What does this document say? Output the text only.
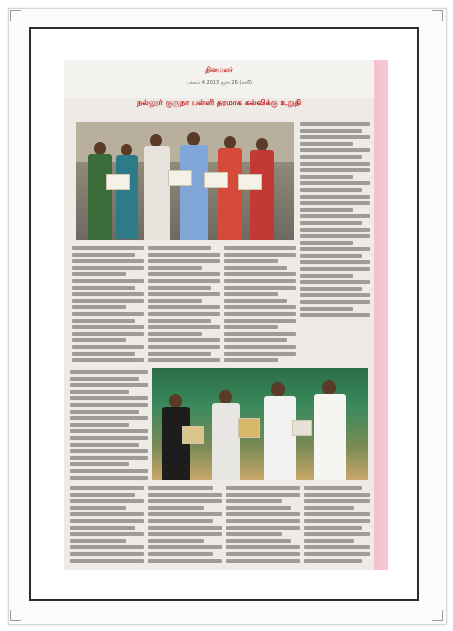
தினமலர்
பக்கம் 4 2013 ஜன 26 (சனி)
நல்லூர் குருநா பள்ளி தரமாக கல்விக்கு உறுதி
